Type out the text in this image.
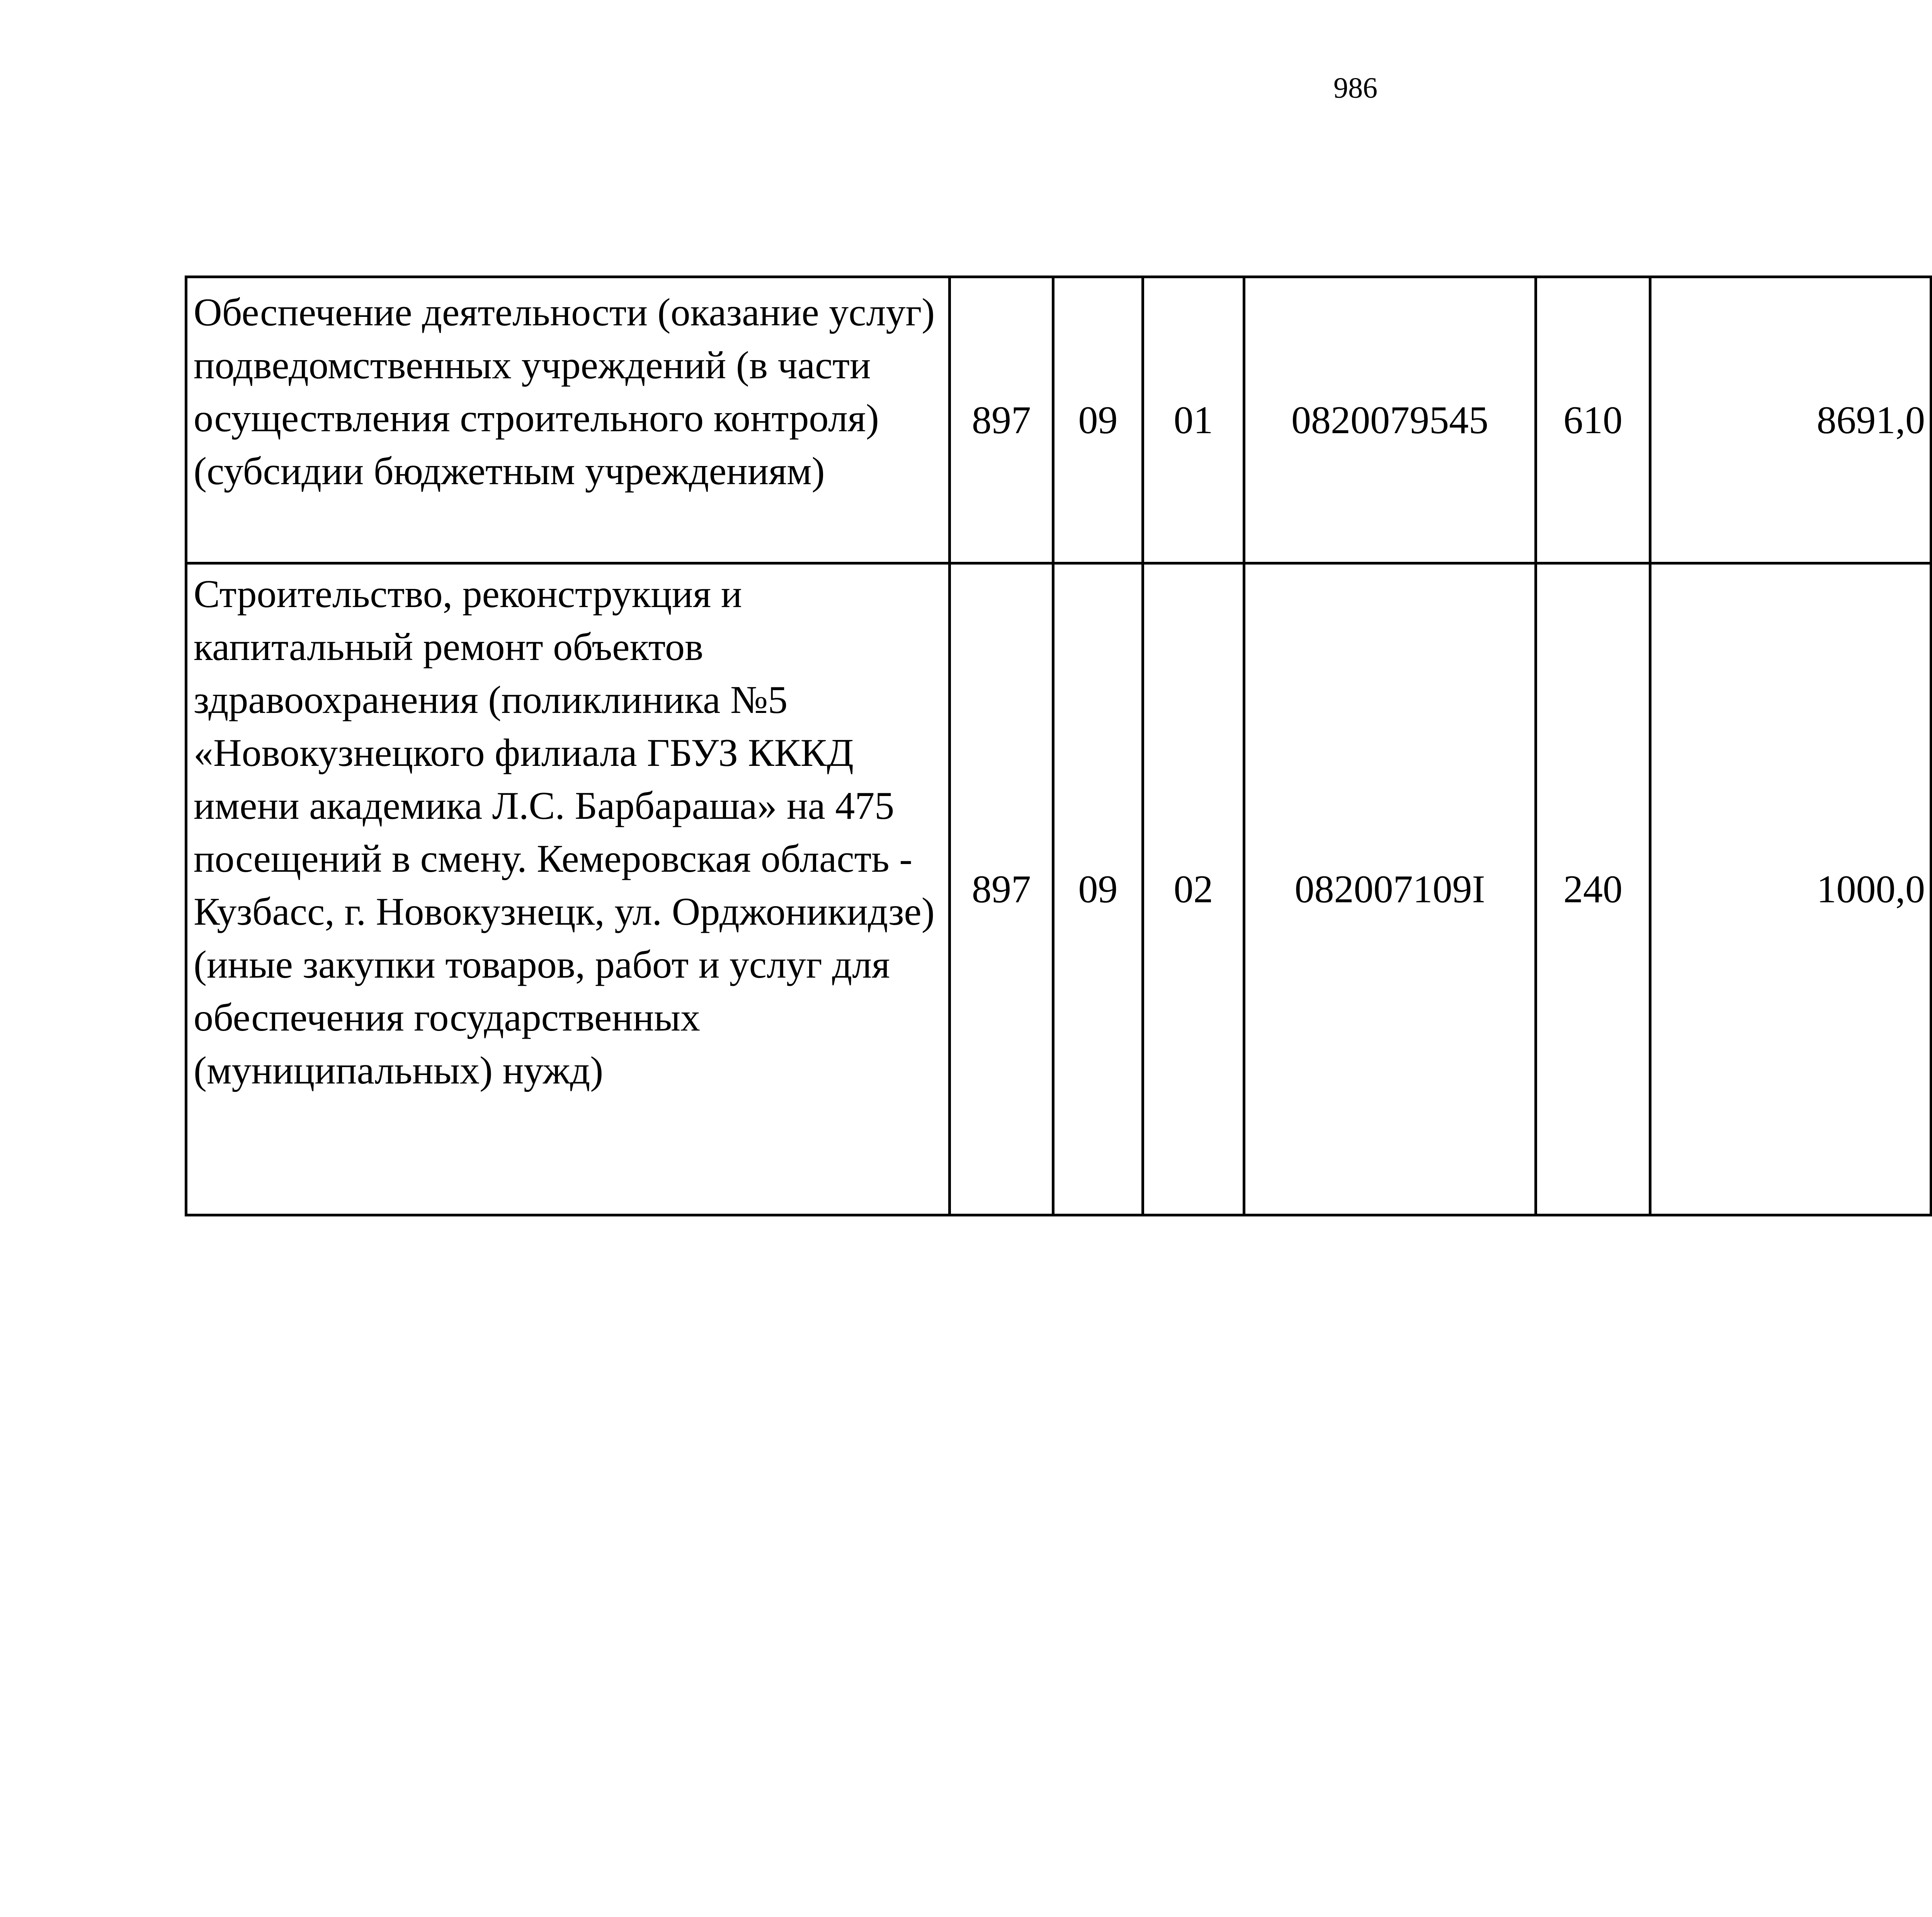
986
Обеспечение деятельности (оказание услуг) подведомственных учреждений (в части осуществления строительного контроля) (субсидии бюджетным учреждениям)	897	09	01	0820079545	610	8691,0		
Строительство, реконструкция и капитальный ремонт объектов здравоохранения (поликлиника №5 «Новокузнецкого филиала ГБУЗ КККД имени академика Л.С. Барбараша» на 475 посещений в смену. Кемеровская область - Кузбасс, г. Новокузнецк, ул. Орджоникидзе) (иные закупки товаров, работ и услуг для обеспечения государственных (муниципальных) нужд)	897	09	02	082007109I	240	1000,0		
